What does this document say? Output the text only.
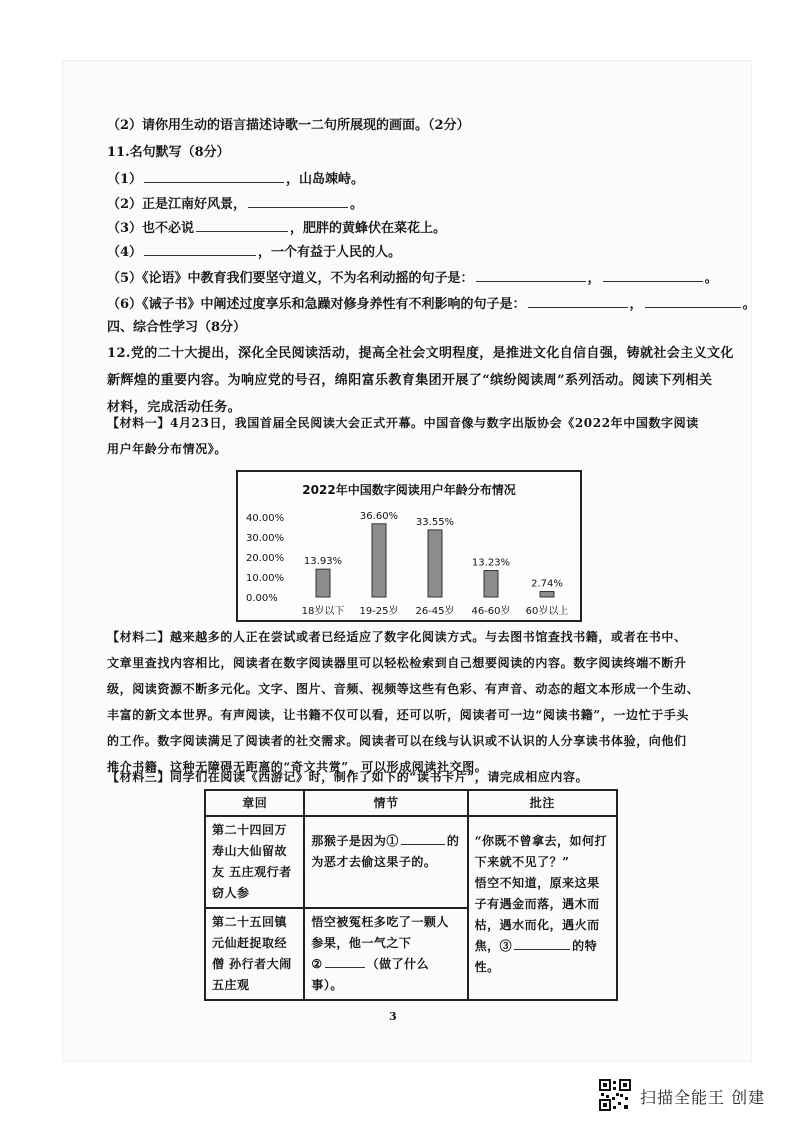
（2）请你用生动的语言描述诗歌一二句所展现的画面。（2分）
11.名句默写（8分）
（1）	，山岛竦峙。
（2）正是江南好风景，	。
（3）也不必说	，肥胖的黄蜂伏在菜花上。
（4）	，一个有益于人民的人。
（5）《论语》中教育我们要坚守道义，不为名利动摇的句子是：	，	。
（6）《诫子书》中阐述过度享乐和急躁对修身养性有不利影响的句子是：	，	。
四、综合性学习（8分）
12.党的二十大提出，深化全民阅读活动，提高全社会文明程度，是推进文化自信自强，铸就社会主义文化
新辉煌的重要内容。为响应党的号召，绵阳富乐教育集团开展了“缤纷阅读周”系列活动。阅读下列相关
材料，完成活动任务。
【材料一】4月23日，我国首届全民阅读大会正式开幕。中国音像与数字出版协会《2022年中国数字阅读
用户年龄分布情况》。
2022年中国数字阅读用户年龄分布情况
40.00%
30.00%
20.00%
10.00%
0.00%
13.93%
18岁以下
36.60%
19-25岁
33.55%
26-45岁
13.23%
46-60岁
2.74%
60岁以上
【材料二】越来越多的人正在尝试或者已经适应了数字化阅读方式。与去图书馆查找书籍，或者在书中、
文章里查找内容相比，阅读者在数字阅读器里可以轻松检索到自己想要阅读的内容。数字阅读终端不断升
级，阅读资源不断多元化。文字、图片、音频、视频等这些有色彩、有声音、动态的超文本形成一个生动、
丰富的新文本世界。有声阅读，让书籍不仅可以看，还可以听，阅读者可一边“阅读书籍”，一边忙于手头
的工作。数字阅读满足了阅读者的社交需求。阅读者可以在线与认识或不认识的人分享读书体验，向他们
推介书籍，这种无障碍无距离的“奇文共赏”，可以形成阅读社交图。
【材料三】同学们在阅读《西游记》时，制作了如下的“读书卡片”，请完成相应内容。
章回	情节	批注
第二十四回万寿山大仙留故友 五庄观行者窃人参	那猴子是因为① 的为恶才去偷这果子的。	“你既不曾拿去，如何打下来就不见了？”
悟空不知道，原来这果子有遇金而落，遇木而枯，遇水而化，遇火而焦，③ 的特性。

第二十五回镇元仙赶捉取经僧 孙行者大闹五庄观	悟空被冤枉多吃了一颗人参果，他一气之下
② （做了什么事）。	
3
扫描全能王 创建
